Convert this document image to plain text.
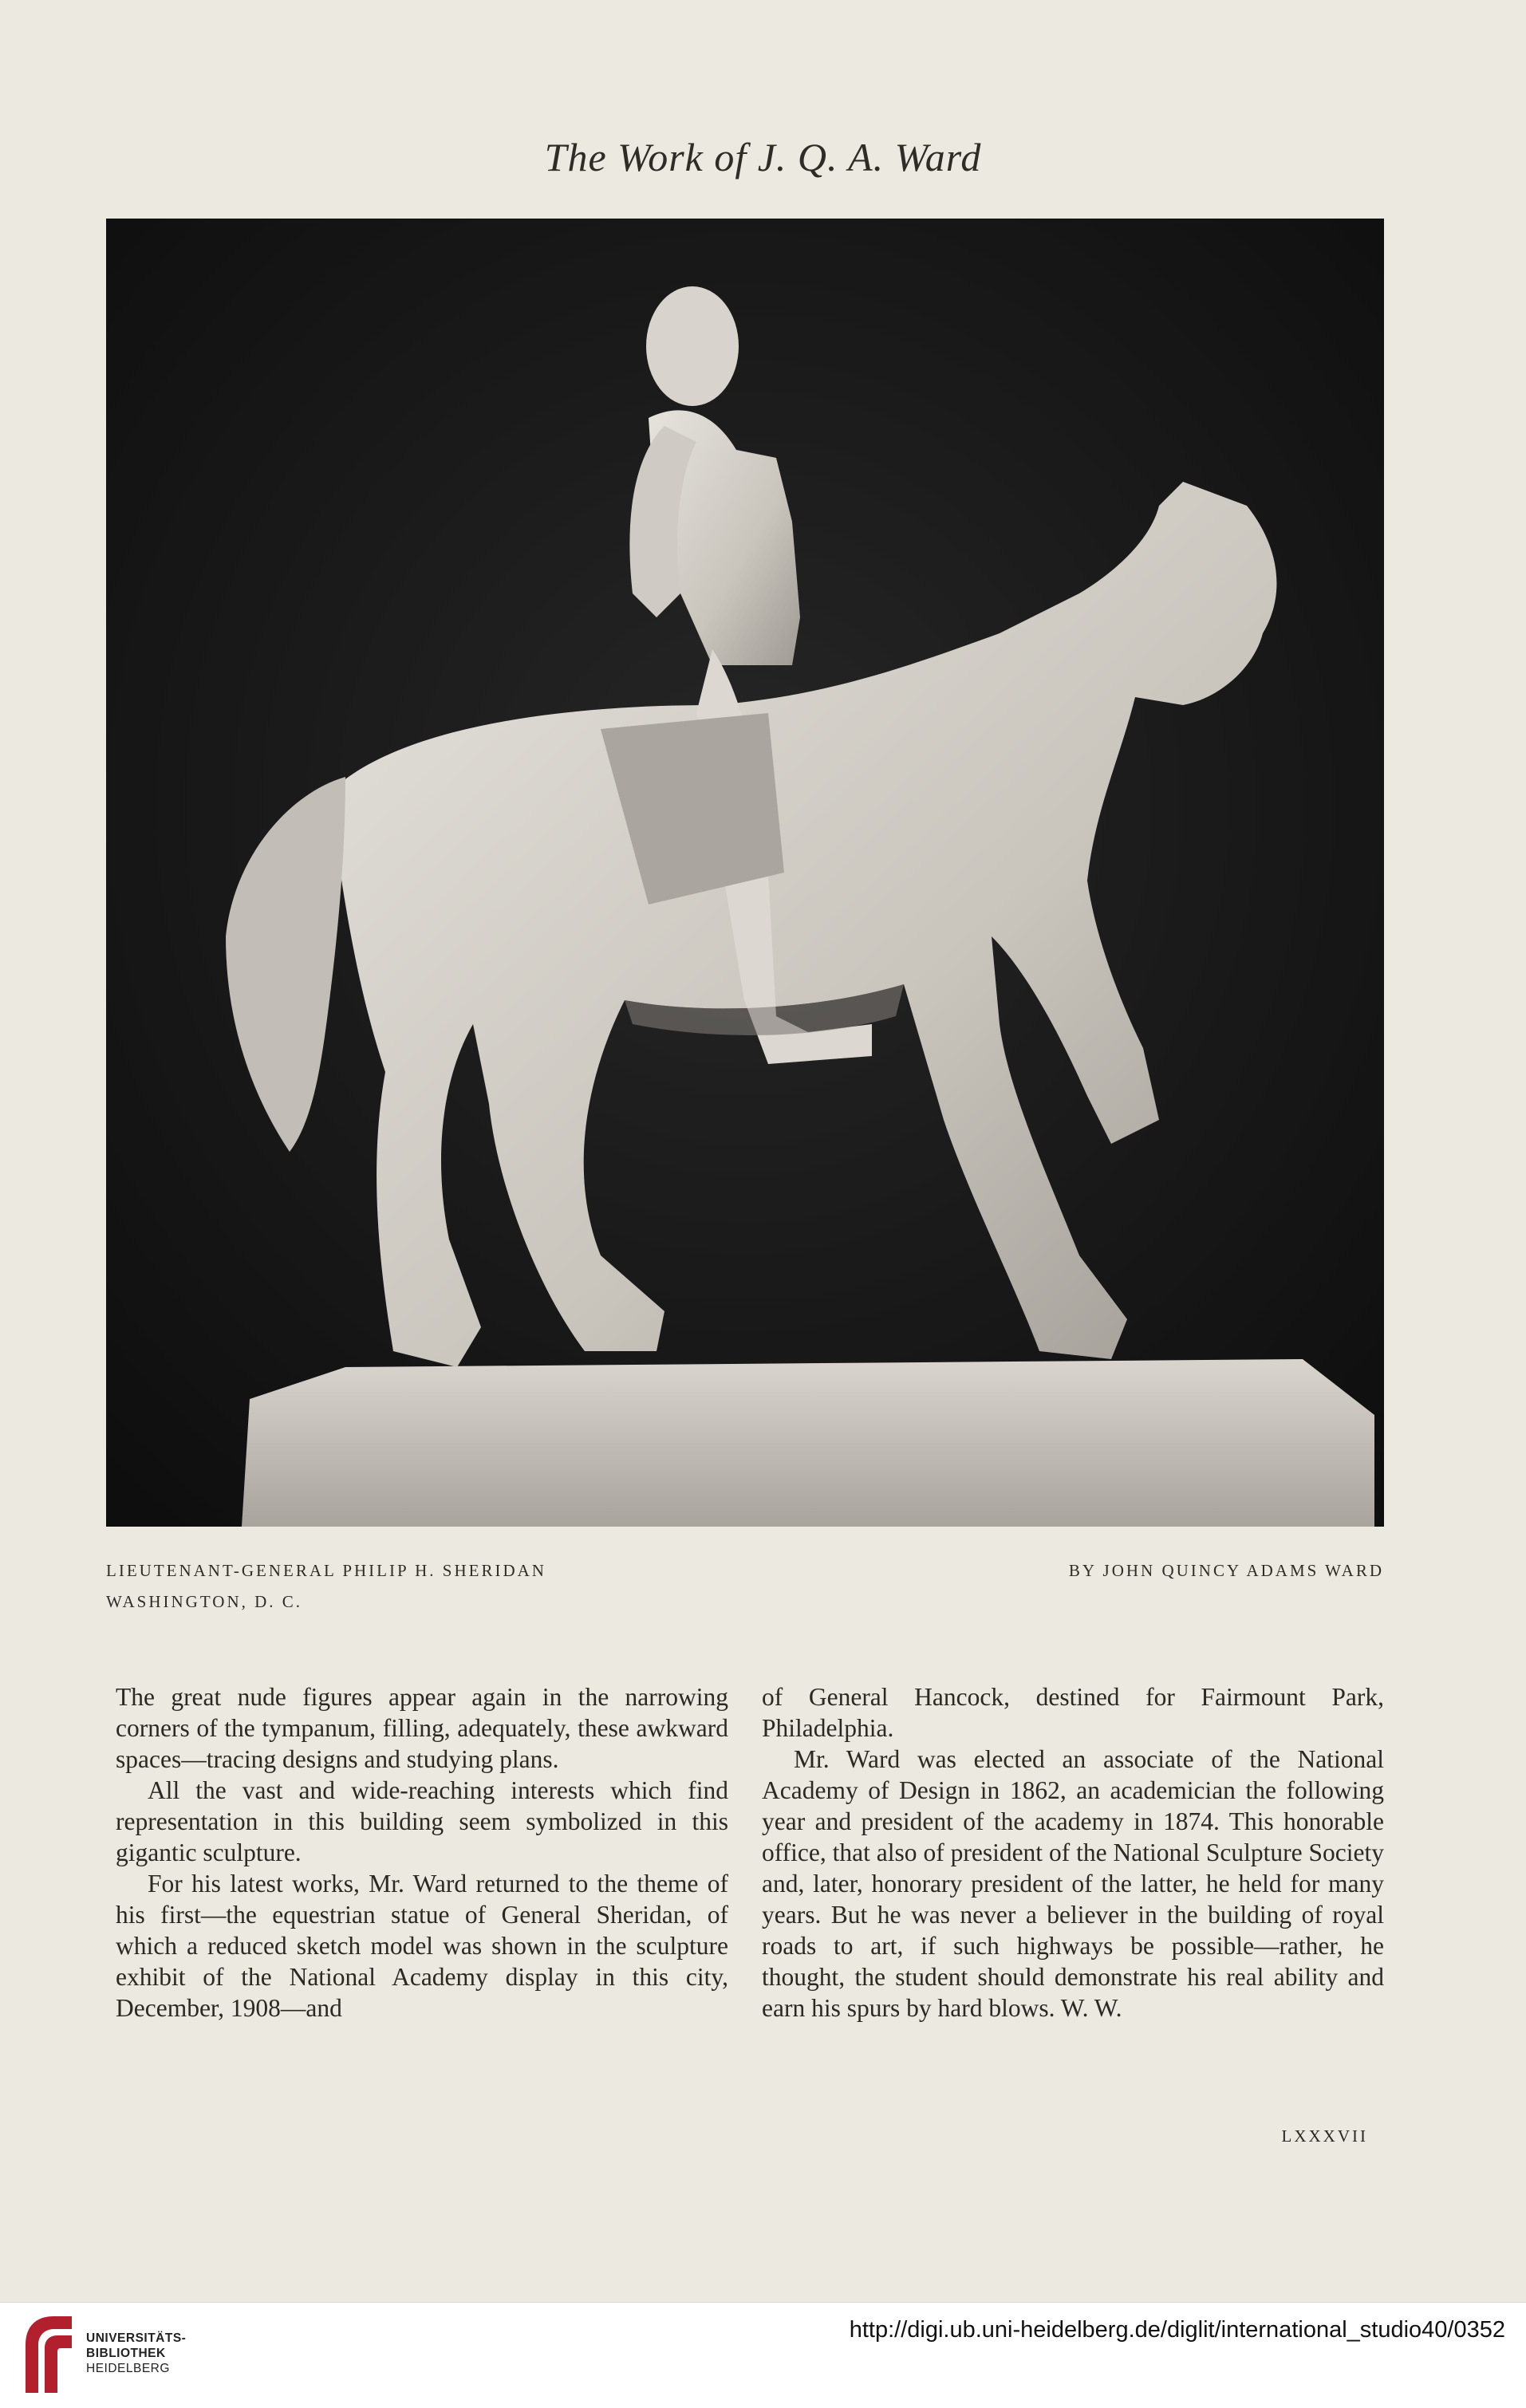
The Work of J. Q. A. Ward
LIEUTENANT-GENERAL PHILIP H. SHERIDAN
WASHINGTON, D. C.
BY JOHN QUINCY ADAMS WARD

The great nude figures appear again in the narrowing corners of the tympanum, filling, adequately, these awkward spaces—tracing designs and studying plans.

All the vast and wide-reaching interests which find representation in this building seem symbolized in this gigantic sculpture.

For his latest works, Mr. Ward returned to the theme of his first—the equestrian statue of General Sheridan, of which a reduced sketch model was shown in the sculpture exhibit of the National Academy display in this city, December, 1908—and

of General Hancock, destined for Fairmount Park, Philadelphia.

Mr. Ward was elected an associate of the National Academy of Design in 1862, an academician the following year and president of the academy in 1874. This honorable office, that also of president of the National Sculpture Society and, later, honorary president of the latter, he held for many years. But he was never a believer in the building of royal roads to art, if such highways be possible—rather, he thought, the student should demonstrate his real ability and earn his spurs by hard blows. W. W.

LXXXVII
UNIVERSITÄTS-
BIBLIOTHEK
HEIDELBERG
http://digi.ub.uni-heidelberg.de/diglit/international_studio40/0352
